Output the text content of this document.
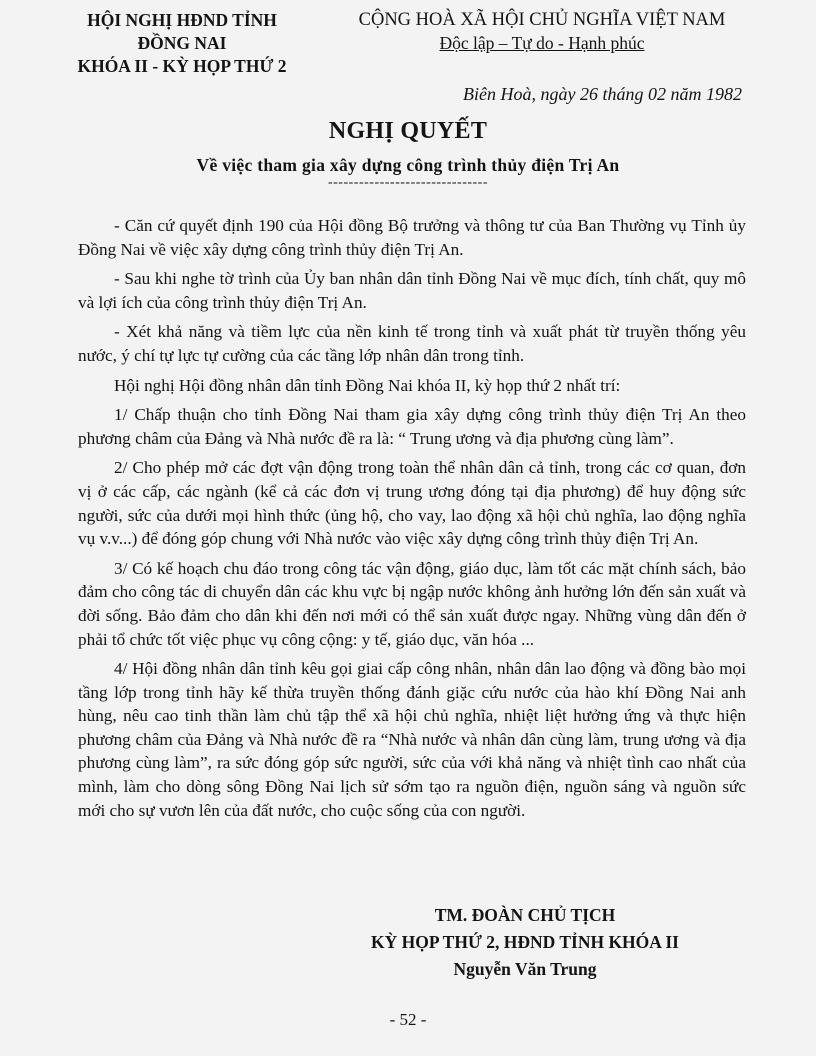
HỘI NGHỊ HĐND TỈNH
ĐỒNG NAI
KHÓA II - KỲ HỌP THỨ 2
CỘNG HOÀ XÃ HỘI CHỦ NGHĨA VIỆT NAM
Độc lập – Tự do - Hạnh phúc
Biên Hoà, ngày 26 tháng 02 năm 1982
NGHỊ QUYẾT
Về việc tham gia xây dựng công trình thủy điện Trị An
-------------------------------

- Căn cứ quyết định 190 của Hội đồng Bộ trưởng và thông tư của Ban Thường vụ Tỉnh ủy Đồng Nai về việc xây dựng công trình thủy điện Trị An.

- Sau khi nghe tờ trình của Ủy ban nhân dân tỉnh Đồng Nai về mục đích, tính chất, quy mô và lợi ích của công trình thủy điện Trị An.

- Xét khả năng và tiềm lực của nền kinh tế trong tỉnh và xuất phát từ truyền thống yêu nước, ý chí tự lực tự cường của các tầng lớp nhân dân trong tỉnh.

Hội nghị Hội đồng nhân dân tỉnh Đồng Nai khóa II, kỳ họp thứ 2 nhất trí:

1/ Chấp thuận cho tỉnh Đồng Nai tham gia xây dựng công trình thủy điện Trị An theo phương châm của Đảng và Nhà nước đề ra là: “ Trung ương và địa phương cùng làm”.

2/ Cho phép mở các đợt vận động trong toàn thể nhân dân cả tỉnh, trong các cơ quan, đơn vị ở các cấp, các ngành (kể cả các đơn vị trung ương đóng tại địa phương) để huy động sức người, sức của dưới mọi hình thức (ủng hộ, cho vay, lao động xã hội chủ nghĩa, lao động nghĩa vụ v.v...) để đóng góp chung với Nhà nước vào việc xây dựng công trình thủy điện Trị An.

3/ Có kế hoạch chu đáo trong công tác vận động, giáo dục, làm tốt các mặt chính sách, bảo đảm cho công tác di chuyển dân các khu vực bị ngập nước không ảnh hưởng lớn đến sản xuất và đời sống. Bảo đảm cho dân khi đến nơi mới có thể sản xuất được ngay. Những vùng dân đến ở phải tổ chức tốt việc phục vụ công cộng: y tế, giáo dục, văn hóa ...

4/ Hội đồng nhân dân tỉnh kêu gọi giai cấp công nhân, nhân dân lao động và đồng bào mọi tầng lớp trong tỉnh hãy kế thừa truyền thống đánh giặc cứu nước của hào khí Đồng Nai anh hùng, nêu cao tinh thần làm chủ tập thể xã hội chủ nghĩa, nhiệt liệt hưởng ứng và thực hiện phương châm của Đảng và Nhà nước đề ra “Nhà nước và nhân dân cùng làm, trung ương và địa phương cùng làm”, ra sức đóng góp sức người, sức của với khả năng và nhiệt tình cao nhất của mình, làm cho dòng sông Đồng Nai lịch sử sớm tạo ra nguồn điện, nguồn sáng và nguồn sức mới cho sự vươn lên của đất nước, cho cuộc sống của con người.

TM. ĐOÀN CHỦ TỊCH
KỲ HỌP THỨ 2, HĐND TỈNH KHÓA II
Nguyễn Văn Trung
- 52 -
